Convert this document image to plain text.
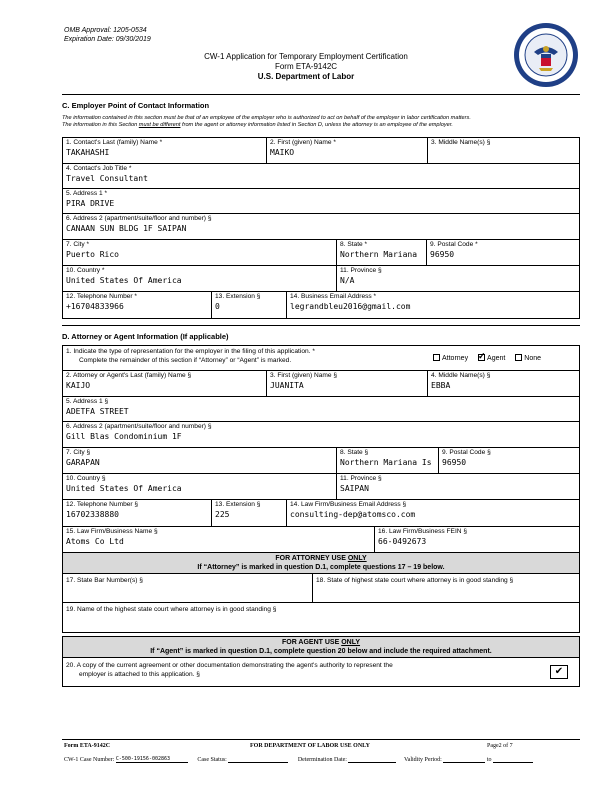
OMB Approval: 1205-0534
Expiration Date: 09/30/2019
CW-1 Application for Temporary Employment Certification
Form ETA-9142C
U.S. Department of Labor
C. Employer Point of Contact Information
The information contained in this section must be that of an employee of the employer who is authorized to act on behalf of the employer in labor certification matters.
The information in this Section must be different from the agent or attorney information listed in Section D, unless the attorney is an employee of the employer.
1. Contact's Last (family) Name *
TAKAHASHI
2. First (given) Name *
MAIKO
3. Middle Name(s) §
4. Contact's Job Title *
Travel Consultant
5. Address 1 *
PIRA DRIVE
6. Address 2 (apartment/suite/floor and number) §
CANAAN SUN BLDG 1F SAIPAN
7. City *
Puerto Rico
8. State *
Northern Mariana
9. Postal Code *
96950
10. Country *
United States Of America
11. Province §
N/A
12. Telephone Number *
+16704833966
13. Extension §
0
14. Business Email Address *
legrandbleu2016@gmail.com
D. Attorney or Agent Information (If applicable)
1. Indicate the type of representation for the employer in the filing of this application. *
Complete the remainder of this section if “Attorney” or “Agent” is marked.	Attorney ✓	Agent	None
2. Attorney or Agent's Last (family) Name §
KAIJO
3. First (given) Name §
JUANITA
4. Middle Name(s) §
EBBA
5. Address 1 §
ADETFA STREET
6. Address 2 (apartment/suite/floor and number) §
Gill Blas Condominium 1F
7. City §
GARAPAN
8. State §
Northern Mariana Is
9. Postal Code §
96950
10. Country §
United States Of America
11. Province §
SAIPAN
12. Telephone Number §
16702338880
13. Extension §
225
14. Law Firm/Business Email Address §
consulting-dep@atomsco.com
15. Law Firm/Business Name §
Atoms Co Ltd
16. Law Firm/Business FEIN §
66-0492673
FOR ATTORNEY USE ONLY
If “Attorney” is marked in question D.1, complete questions 17 – 19 below.
17. State Bar Number(s) §	18. State of highest state court where attorney is in good standing §
19. Name of the highest state court where attorney is in good standing §
FOR AGENT USE ONLY
If “Agent” is marked in question D.1, complete question 20 below and include the required attachment.
20. A copy of the current agreement or other documentation demonstrating the agent's authority to represent the
employer is attached to this application. §	✔
Form ETA-9142C	FOR DEPARTMENT OF LABOR USE ONLY	Page2 of 7
CW-1 Case Number: C-500-19156-002863	Case Status:	Determination Date:	Validity Period:	to
